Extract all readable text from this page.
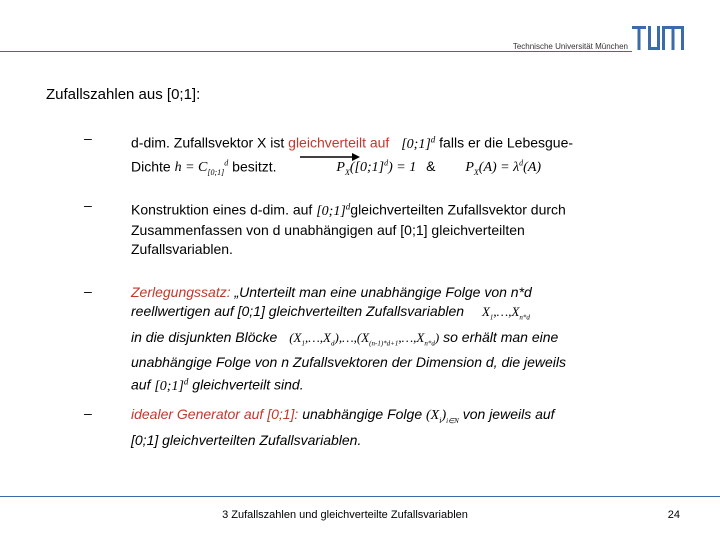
Technische Universität München
Zufallszahlen aus [0;1]:
–	d-dim. Zufallsvektor X ist gleichverteilt auf [0;1]$^d$ falls er die Lebesgue-
Dichte $h = C_{[0;1]}^d$ besitzt.	$P_X([0;1]^d) = 1$ & $P_X(A) = \lambda^d(A)$
–	Konstruktion eines d-dim. auf [0;1]$^d$gleichverteilten Zufallsvektor durch
Zusammenfassen von d unabhängigen auf [0;1] gleichverteilten
Zufallsvariablen.
–	Zerlegungssatz: „Unterteilt man eine unabhängige Folge von n*d
reellwertigen auf [0;1] gleichverteilten Zufallsvariablen $X_1,\dots,X_{n*d}$
in die disjunkten Blöcke $(X_1,\dots,X_d),\dots,(X_{(n-1)*d+1},\dots,X_{n*d})$ so erhält man eine
unabhängige Folge von n Zufallsvektoren der Dimension d, die jeweils
auf [0;1]$^d$ gleichverteilt sind.
–	idealer Generator auf [0;1]: unabhängige Folge $(X_i)_{i\in N}$ von jeweils auf
[0;1] gleichverteilten Zufallsvariablen.
3 Zufallszahlen und gleichverteilte Zufallsvariablen	24
